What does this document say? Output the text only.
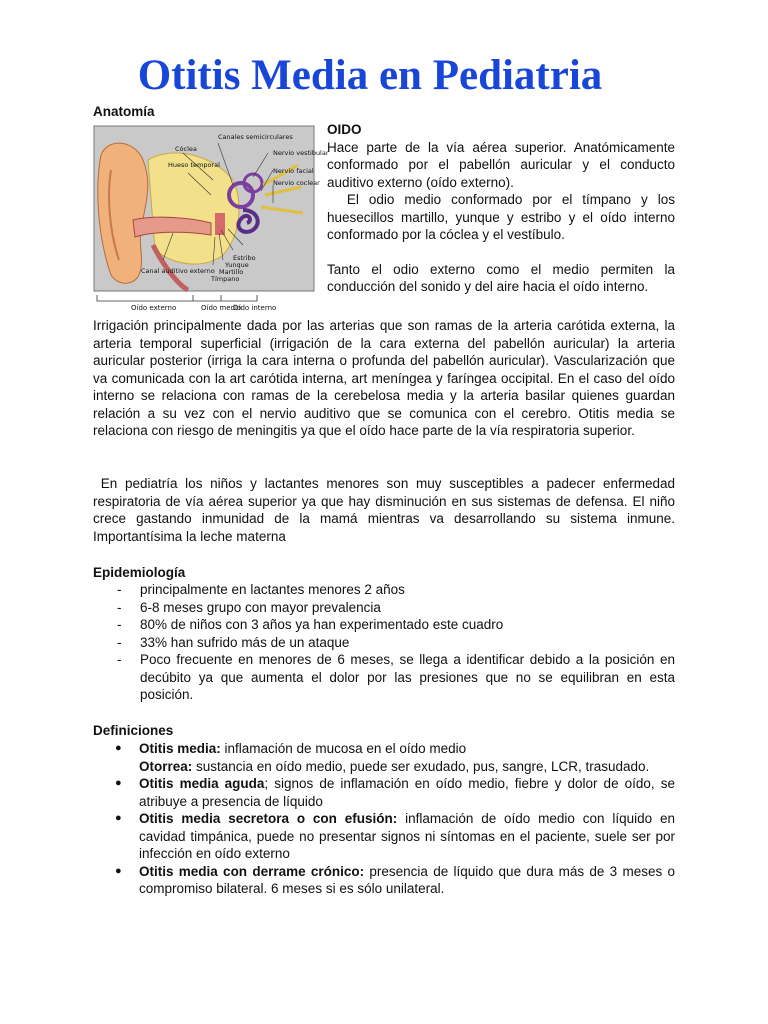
Otitis Media en Pediatria
Anatomía
Canales semicirculares
Cóclea	Nervio vestibular
Hueso temporal
Nervio facial
Nervio coclear
Estribo
Yunque
Martillo
Tímpano
Canal auditivo externo
Oído externo	Oído medio
Oído interno

OIDO

Hace parte de la vía aérea superior. Anatómicamente conformado por el pabellón auricular y el conducto auditivo externo (oído externo).

El odio medio conformado por el tímpano y los huesecillos martillo, yunque y estribo y el oído interno conformado por la cóclea y el vestíbulo.

Tanto el odio externo como el medio permiten la conducción del sonido y del aire hacia el oído interno.

Irrigación principalmente dada por las arterias que son ramas de la arteria carótida externa, la arteria temporal superficial (irrigación de la cara externa del pabellón auricular) la arteria auricular posterior (irriga la cara interna o profunda del pabellón auricular). Vascularización que va comunicada con la art carótida interna, art meníngea y faríngea occipital. En el caso del oído interno se relaciona con ramas de la cerebelosa media y la arteria basilar quienes guardan relación a su vez con el nervio auditivo que se comunica con el cerebro. Otitis media se relaciona con riesgo de meningitis ya que el oído hace parte de la vía respiratoria superior.

En pediatría los niños y lactantes menores son muy susceptibles a padecer enfermedad respiratoria de vía aérea superior ya que hay disminución en sus sistemas de defensa. El niño crece gastando inmunidad de la mamá mientras va desarrollando su sistema inmune. Importantísima la leche materna

Epidemiología
- principalmente en lactantes menores 2 años
- 6-8 meses grupo con mayor prevalencia
- 80% de niños con 3 años ya han experimentado este cuadro
- 33% han sufrido más de un ataque
- Poco frecuente en menores de 6 meses, se llega a identificar debido a la posición en decúbito ya que aumenta el dolor por las presiones que no se equilibran en esta posición.
Definiciones
● Otitis media: inflamación de mucosa en el oído medio
Otorrea: sustancia en oído medio, puede ser exudado, pus, sangre, LCR, trasudado.
● Otitis media aguda; signos de inflamación en oído medio, fiebre y dolor de oído, se atribuye a presencia de líquido
● Otitis media secretora o con efusión: inflamación de oído medio con líquido en cavidad timpánica, puede no presentar signos ni síntomas en el paciente, suele ser por infección en oído externo
● Otitis media con derrame crónico: presencia de líquido que dura más de 3 meses o compromiso bilateral. 6 meses si es sólo unilateral.
